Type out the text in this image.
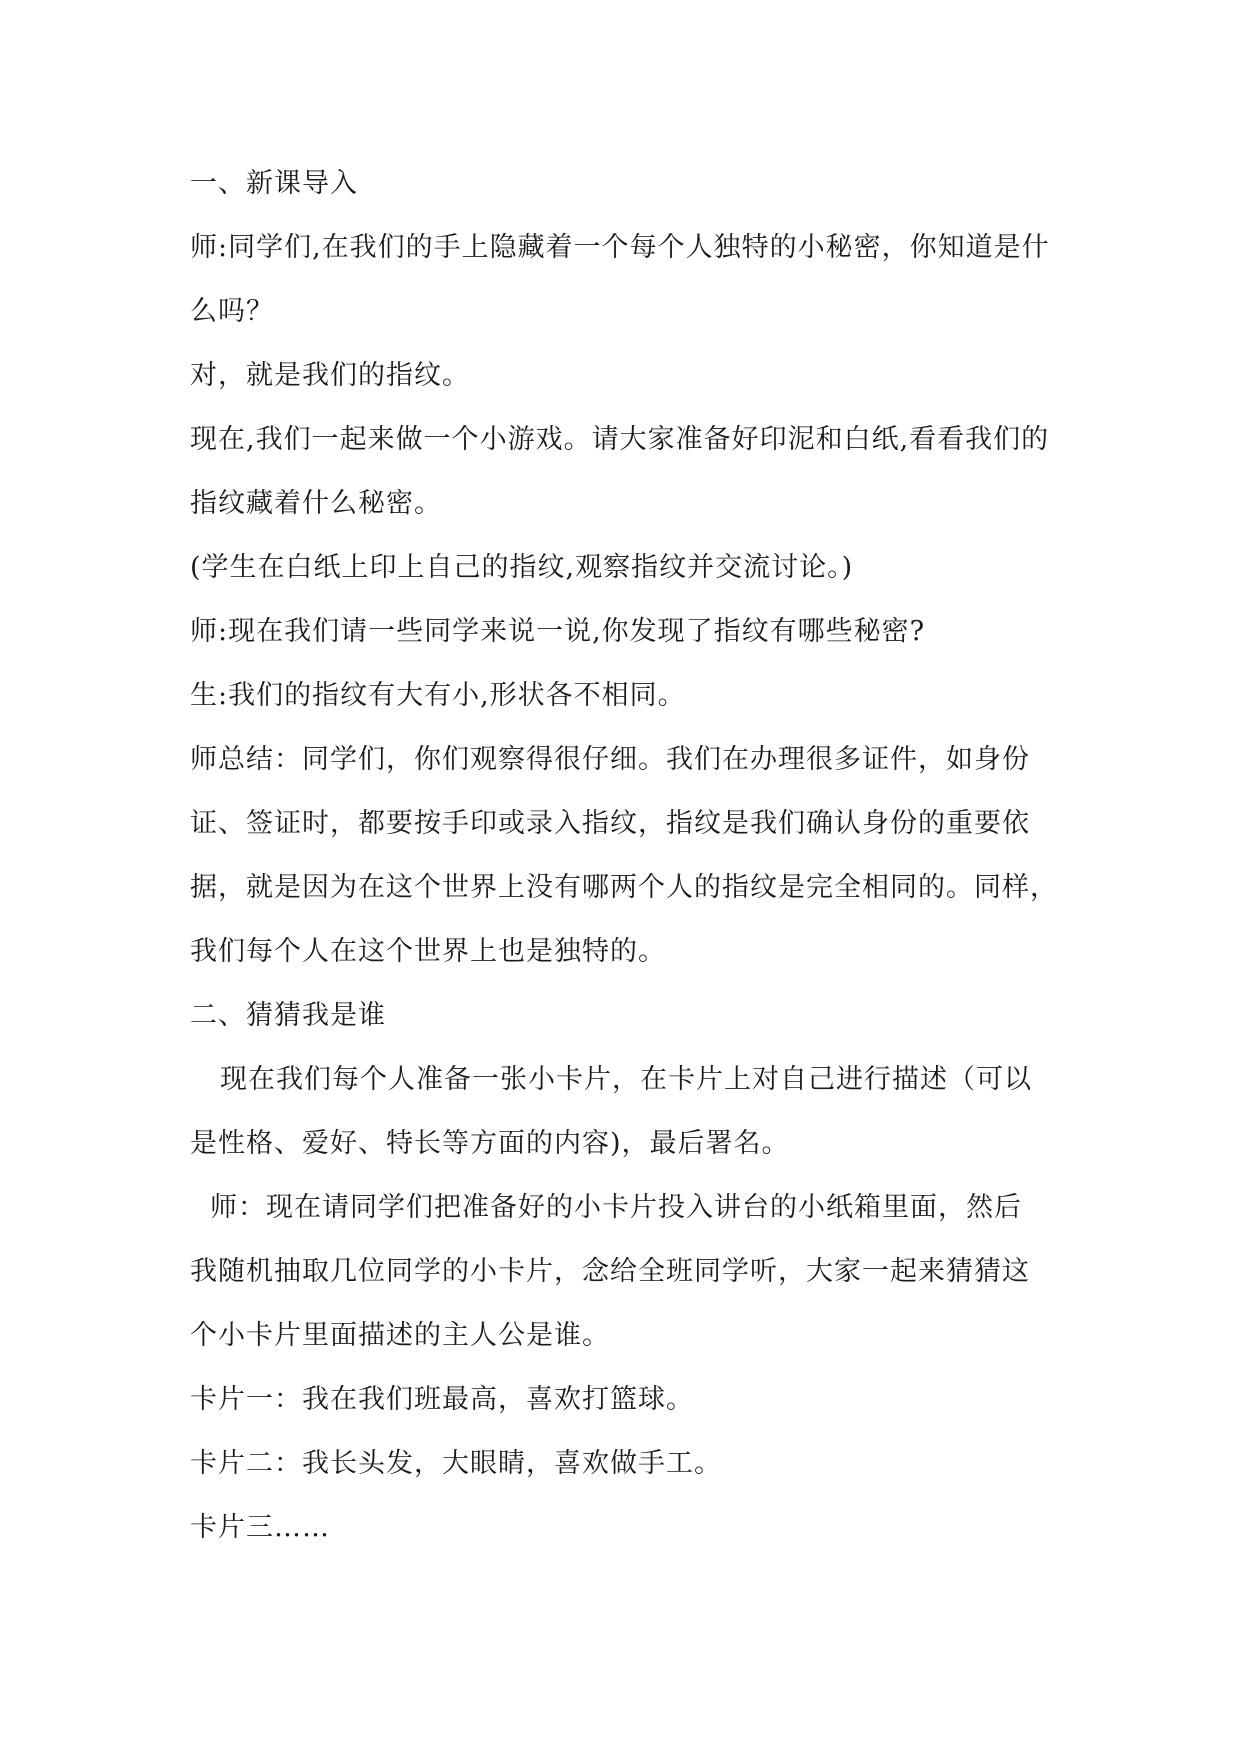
一、新课导入
师:同学们,在我们的手上隐藏着一个每个人独特的小秘密，你知道是什
么吗？
对，就是我们的指纹。
现在,我们一起来做一个小游戏。请大家准备好印泥和白纸,看看我们的
指纹藏着什么秘密。
(学生在白纸上印上自己的指纹,观察指纹并交流讨论。)
师:现在我们请一些同学来说一说,你发现了指纹有哪些秘密?
生:我们的指纹有大有小,形状各不相同。
师总结：同学们，你们观察得很仔细。我们在办理很多证件，如身份
证、签证时，都要按手印或录入指纹，指纹是我们确认身份的重要依
据，就是因为在这个世界上没有哪两个人的指纹是完全相同的。同样，
我们每个人在这个世界上也是独特的。
二、猜猜我是谁
现在我们每个人准备一张小卡片，在卡片上对自己进行描述（可以
是性格、爱好、特长等方面的内容)，最后署名。
师：现在请同学们把准备好的小卡片投入讲台的小纸箱里面，然后
我随机抽取几位同学的小卡片，念给全班同学听，大家一起来猜猜这
个小卡片里面描述的主人公是谁。
卡片一：我在我们班最高，喜欢打篮球。
卡片二：我长头发，大眼睛，喜欢做手工。
卡片三……
